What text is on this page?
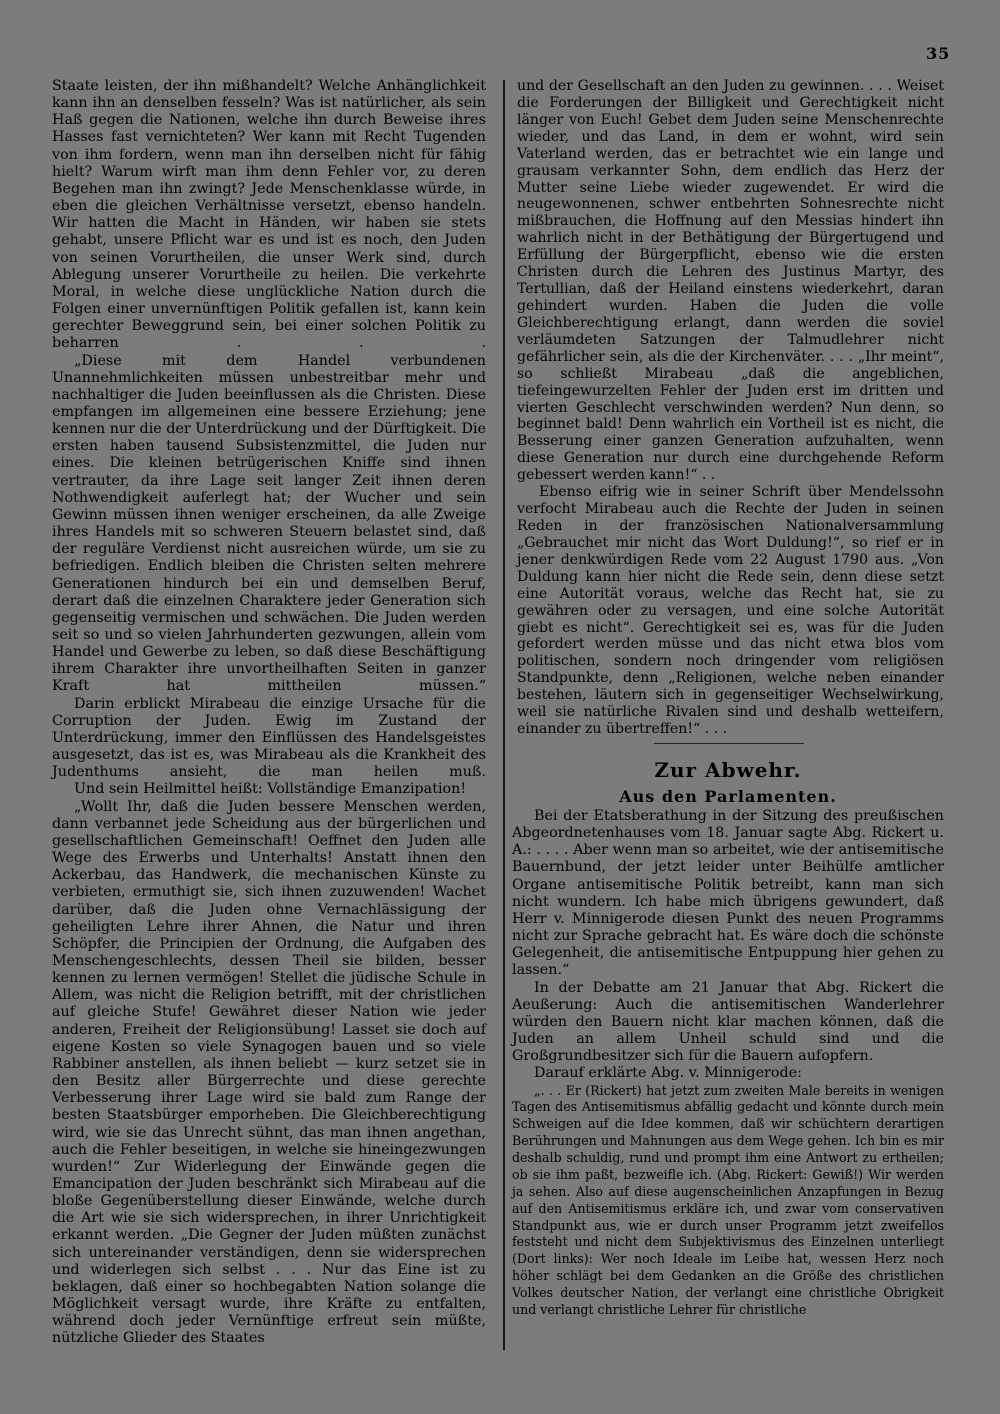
35

Staate leisten, der ihn mißhandelt? Welche Anhänglichkeit kann ihn an denselben fesseln? Was ist natürlicher, als sein Haß gegen die Nationen, welche ihn durch Beweise ihres Hasses fast vernichteten? Wer kann mit Recht Tugenden von ihm fordern, wenn man ihn derselben nicht für fähig hielt? Warum wirft man ihm denn Fehler vor, zu deren Begehen man ihn zwingt? Jede Menschenklasse würde, in eben die gleichen Verhältnisse versetzt, ebenso handeln. Wir hatten die Macht in Händen, wir haben sie stets gehabt, unsere Pflicht war es und ist es noch, den Juden von seinen Vorurtheilen, die unser Werk sind, durch Ablegung unserer Vorurtheile zu heilen. Die verkehrte Moral, in welche diese unglückliche Nation durch die Folgen einer unvernünftigen Politik gefallen ist, kann kein gerechter Beweggrund sein, bei einer solchen Politik zu beharren . . .

„Diese mit dem Handel verbundenen Unannehmlichkeiten müssen unbestreitbar mehr und nachhaltiger die Juden beeinflussen als die Christen. Diese empfangen im allgemeinen eine bessere Erziehung; jene kennen nur die der Unterdrückung und der Dürftigkeit. Die ersten haben tausend Subsistenzmittel, die Juden nur eines. Die kleinen betrügerischen Kniffe sind ihnen vertrauter, da ihre Lage seit langer Zeit ihnen deren Nothwendigkeit auferlegt hat; der Wucher und sein Gewinn müssen ihnen weniger erscheinen, da alle Zweige ihres Handels mit so schweren Steuern belastet sind, daß der reguläre Verdienst nicht ausreichen würde, um sie zu befriedigen. Endlich bleiben die Christen selten mehrere Generationen hindurch bei ein und demselben Beruf, derart daß die einzelnen Charaktere jeder Generation sich gegenseitig vermischen und schwächen. Die Juden werden seit so und so vielen Jahrhunderten gezwungen, allein vom Handel und Gewerbe zu leben, so daß diese Beschäftigung ihrem Charakter ihre unvortheilhaften Seiten in ganzer Kraft hat mittheilen müssen.“

Darin erblickt Mirabeau die einzige Ursache für die Corruption der Juden. Ewig im Zustand der Unterdrückung, immer den Einflüssen des Handelsgeistes ausgesetzt, das ist es, was Mirabeau als die Krankheit des Judenthums ansieht, die man heilen muß.

Und sein Heilmittel heißt: Vollständige Emanzipation!

„Wollt Ihr, daß die Juden bessere Menschen werden, dann verbannet jede Scheidung aus der bürgerlichen und gesellschaftlichen Gemeinschaft! Oeffnet den Juden alle Wege des Erwerbs und Unterhalts! Anstatt ihnen den Ackerbau, das Handwerk, die mechanischen Künste zu verbieten, ermuthigt sie, sich ihnen zuzuwenden! Wachet darüber, daß die Juden ohne Vernachlässigung der geheiligten Lehre ihrer Ahnen, die Natur und ihren Schöpfer, die Principien der Ordnung, die Aufgaben des Menschengeschlechts, dessen Theil sie bilden, besser kennen zu lernen vermögen! Stellet die jüdische Schule in Allem, was nicht die Religion betrifft, mit der christlichen auf gleiche Stufe! Gewähret dieser Nation wie jeder anderen, Freiheit der Religionsübung! Lasset sie doch auf eigene Kosten so viele Synagogen bauen und so viele Rabbiner anstellen, als ihnen beliebt — kurz setzet sie in den Besitz aller Bürgerrechte und diese gerechte Verbesserung ihrer Lage wird sie bald zum Range der besten Staatsbürger emporheben. Die Gleichberechtigung wird, wie sie das Unrecht sühnt, das man ihnen angethan, auch die Fehler beseitigen, in welche sie hineingezwungen wurden!“ Zur Widerlegung der Einwände gegen die Emancipation der Juden beschränkt sich Mirabeau auf die bloße Gegenüberstellung dieser Einwände, welche durch die Art wie sie sich widersprechen, in ihrer Unrichtigkeit erkannt werden. „Die Gegner der Juden müßten zunächst sich untereinander verständigen, denn sie widersprechen und widerlegen sich selbst . . . Nur das Eine ist zu beklagen, daß einer so hochbegabten Nation solange die Möglichkeit versagt wurde, ihre Kräfte zu entfalten, während doch jeder Vernünftige erfreut sein müßte, nützliche Glieder des Staates

und der Gesellschaft an den Juden zu gewinnen. . . . Weiset die Forderungen der Billigkeit und Gerechtigkeit nicht länger von Euch! Gebet dem Juden seine Menschenrechte wieder, und das Land, in dem er wohnt, wird sein Vaterland werden, das er betrachtet wie ein lange und grausam verkannter Sohn, dem endlich das Herz der Mutter seine Liebe wieder zugewendet. Er wird die neugewonnenen, schwer entbehrten Sohnesrechte nicht mißbrauchen, die Hoffnung auf den Messias hindert ihn wahrlich nicht in der Bethätigung der Bürgertugend und Erfüllung der Bürgerpflicht, ebenso wie die ersten Christen durch die Lehren des Justinus Martyr, des Tertullian, daß der Heiland einstens wiederkehrt, daran gehindert wurden. Haben die Juden die volle Gleichberechtigung erlangt, dann werden die soviel verläumdeten Satzungen der Talmudlehrer nicht gefährlicher sein, als die der Kirchenväter. . . . „Ihr meint“, so schließt Mirabeau „daß die angeblichen, tiefeingewurzelten Fehler der Juden erst im dritten und vierten Geschlecht verschwinden werden? Nun denn, so beginnet bald! Denn wahrlich ein Vortheil ist es nicht, die Besserung einer ganzen Generation aufzuhalten, wenn diese Generation nur durch eine durchgehende Reform gebessert werden kann!“ . .

Ebenso eifrig wie in seiner Schrift über Mendelssohn verfocht Mirabeau auch die Rechte der Juden in seinen Reden in der französischen Nationalversammlung „Gebrauchet mir nicht das Wort Duldung!“, so rief er in jener denkwürdigen Rede vom 22 August 1790 aus. „Von Duldung kann hier nicht die Rede sein, denn diese setzt eine Autorität voraus, welche das Recht hat, sie zu gewähren oder zu versagen, und eine solche Autorität giebt es nicht“. Gerechtigkeit sei es, was für die Juden gefordert werden müsse und das nicht etwa blos vom politischen, sondern noch dringender vom religiösen Standpunkte, denn „Religionen, welche neben einander bestehen, läutern sich in gegenseitiger Wechselwirkung, weil sie natürliche Rivalen sind und deshalb wetteifern, einander zu übertreffen!“ . . .

Zur Abwehr.
Aus den Parlamenten.

Bei der Etatsberathung in der Sitzung des preußischen Abgeordnetenhauses vom 18. Januar sagte Abg. Rickert u. A.: . . . . Aber wenn man so arbeitet, wie der antisemitische Bauernbund, der jetzt leider unter Beihülfe amtlicher Organe antisemitische Politik betreibt, kann man sich nicht wundern. Ich habe mich übrigens gewundert, daß Herr v. Minnigerode diesen Punkt des neuen Programms nicht zur Sprache gebracht hat. Es wäre doch die schönste Gelegenheit, die antisemitische Entpuppung hier gehen zu lassen.“

In der Debatte am 21 Januar that Abg. Rickert die Aeußerung: Auch die antisemitischen Wanderlehrer würden den Bauern nicht klar machen können, daß die Juden an allem Unheil schuld sind und die Großgrundbesitzer sich für die Bauern aufopfern.

Darauf erklärte Abg. v. Minnigerode:

„. . . Er (Rickert) hat jetzt zum zweiten Male bereits in wenigen Tagen des Antisemitismus abfällig gedacht und könnte durch mein Schweigen auf die Idee kommen, daß wir schüchtern derartigen Berührungen und Mahnungen aus dem Wege gehen. Ich bin es mir deshalb schuldig, rund und prompt ihm eine Antwort zu ertheilen; ob sie ihm paßt, bezweifle ich. (Abg. Rickert: Gewiß!) Wir werden ja sehen. Also auf diese augenscheinlichen Anzapfungen in Bezug auf den Antisemitismus erkläre ich, und zwar vom conservativen Standpunkt aus, wie er durch unser Programm jetzt zweifellos feststeht und nicht dem Subjektivismus des Einzelnen unterliegt (Dort links): Wer noch Ideale im Leibe hat, wessen Herz noch höher schlägt bei dem Gedanken an die Größe des christlichen Volkes deutscher Nation, der verlangt eine christliche Obrigkeit und verlangt christliche Lehrer für christliche
